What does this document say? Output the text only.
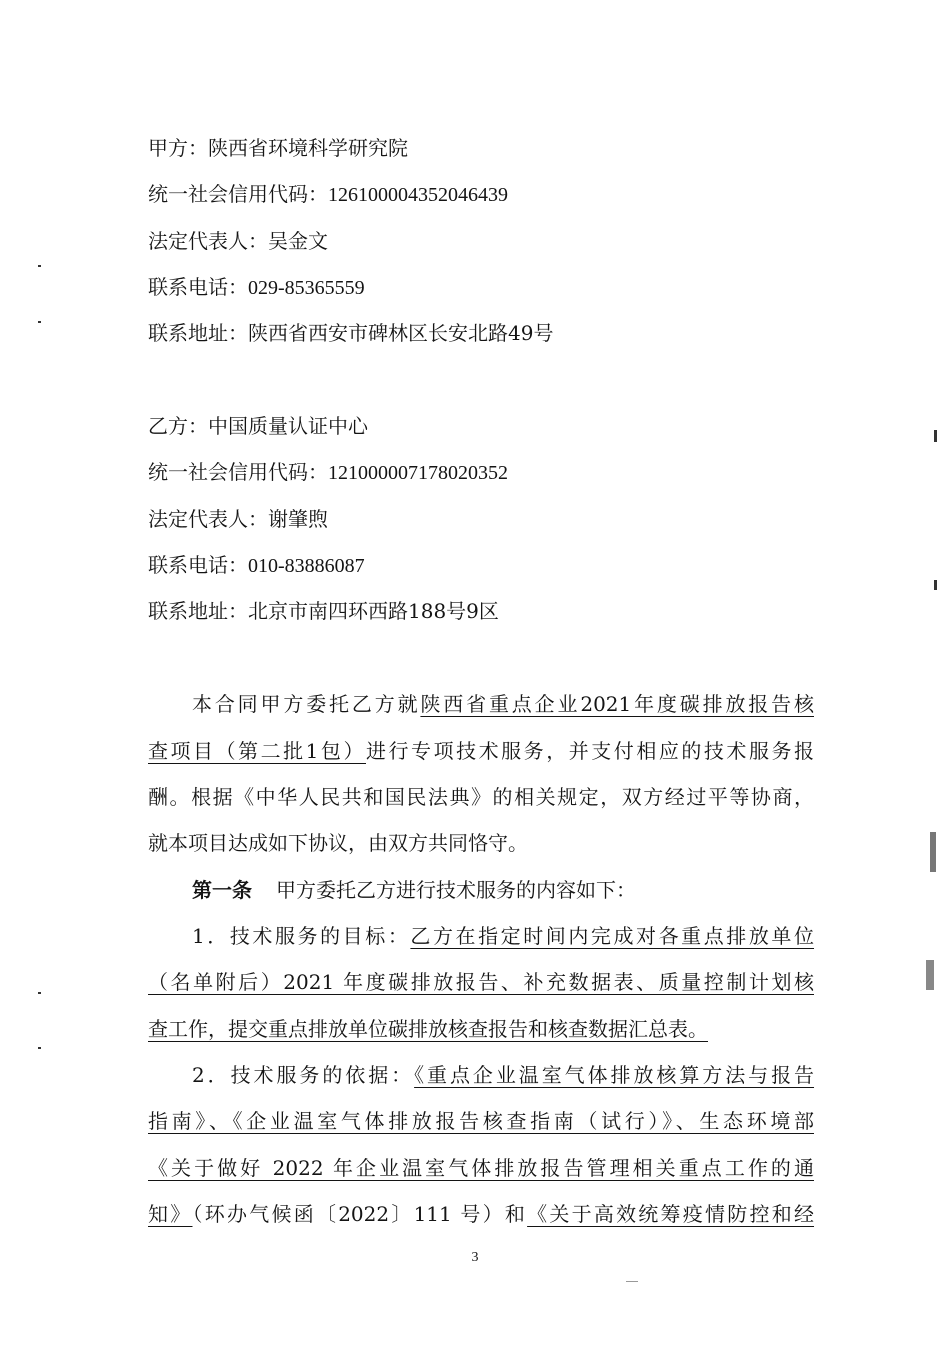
甲方：陕西省环境科学研究院
统一社会信用代码：126100004352046439
法定代表人：吴金文
联系电话：029-85365559
联系地址：陕西省西安市碑林区长安北路49号
乙方：中国质量认证中心
统一社会信用代码：121000007178020352
法定代表人：谢肇煦
联系电话：010-83886087
联系地址：北京市南四环西路188号9区
本合同甲方委托乙方就陕西省重点企业2021年度碳排放报告核
查项目（第二批1包）进行专项技术服务，并支付相应的技术服务报
酬。根据《中华人民共和国民法典》的相关规定，双方经过平等协商，
就本项目达成如下协议，由双方共同恪守。
第一条 甲方委托乙方进行技术服务的内容如下：
1．技术服务的目标：乙方在指定时间内完成对各重点排放单位
（名单附后）2021 年度碳排放报告、补充数据表、质量控制计划核
查工作，提交重点排放单位碳排放核查报告和核查数据汇总表。
2．技术服务的依据：《重点企业温室气体排放核算方法与报告
指南》、《企业温室气体排放报告核查指南（试行）》、生态环境部
《关于做好 2022 年企业温室气体排放报告管理相关重点工作的通
知》（环办气候函〔2022〕111 号）和《关于高效统筹疫情防控和经
3
